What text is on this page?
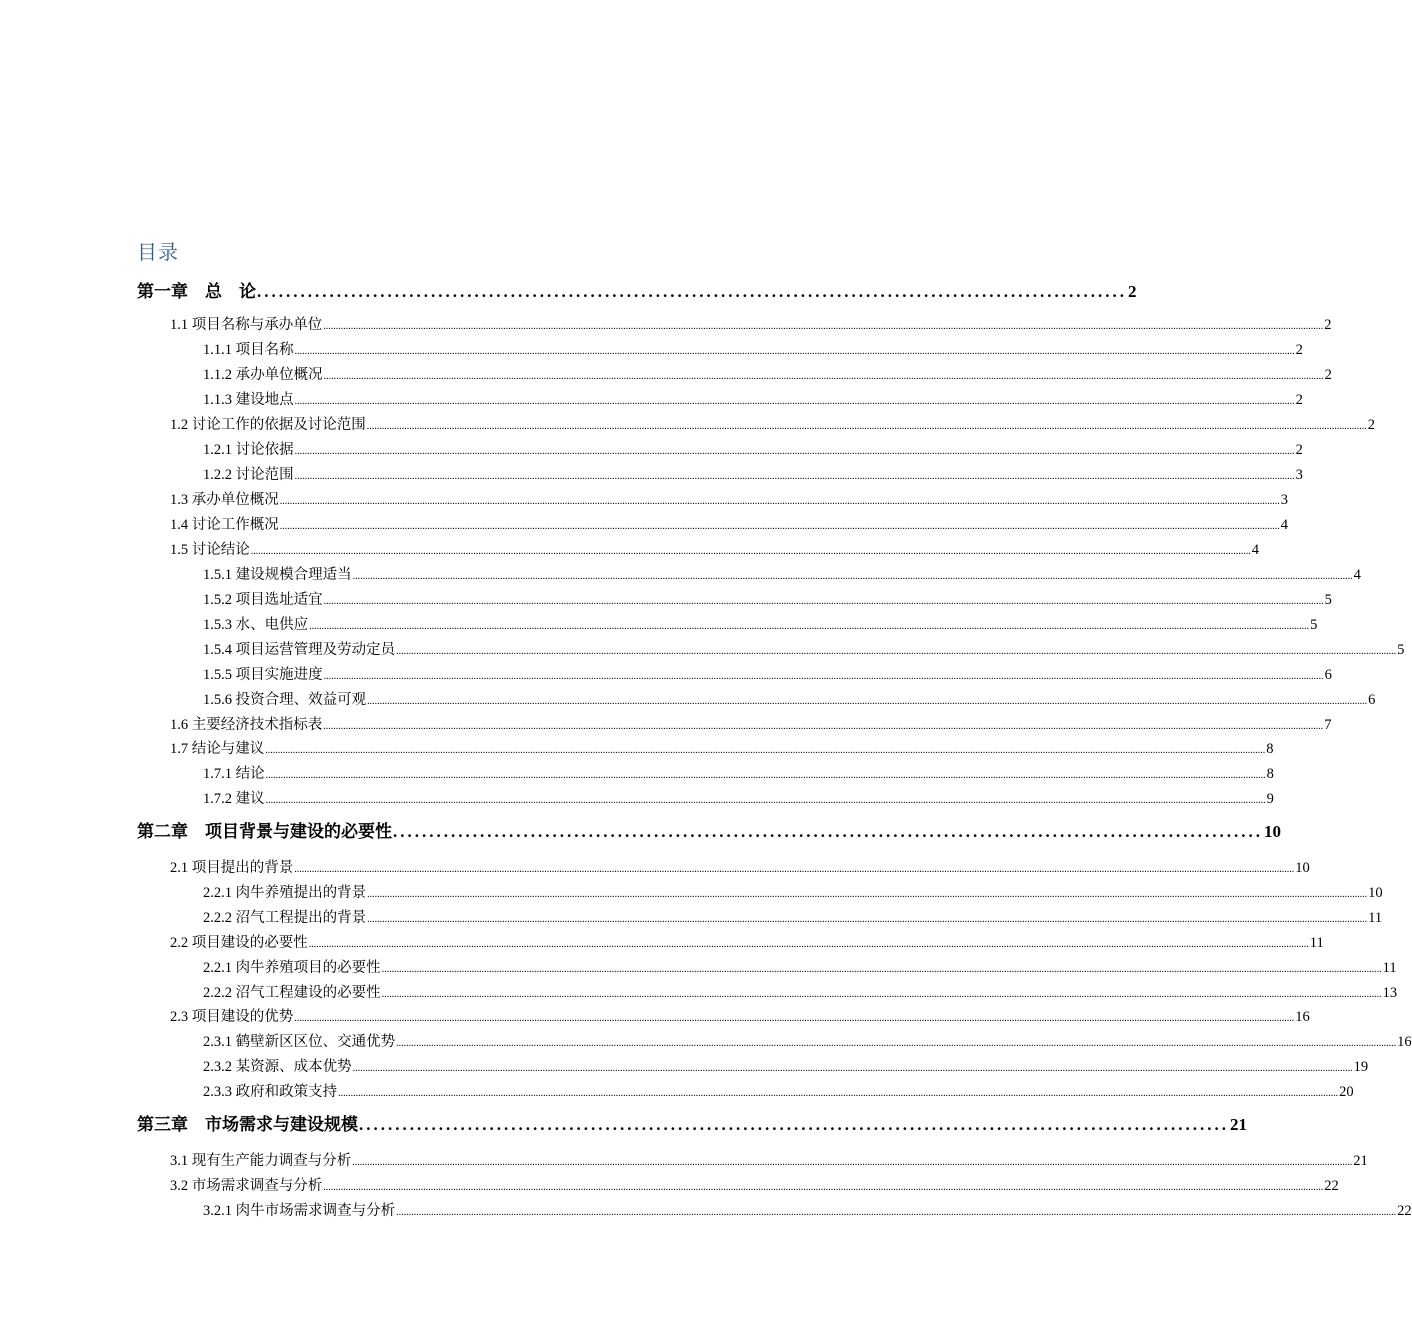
目录
第一章　总　论 ........................................................................................................................ 2
1.1 项目名称与承办单位 ................................................................................................................................................................................................................................................................................................................................................................................................................ 2
1.1.1 项目名称 ................................................................................................................................................................................................................................................................................................................................................................................................................ 2
1.1.2 承办单位概况 ................................................................................................................................................................................................................................................................................................................................................................................................................ 2
1.1.3 建设地点 ................................................................................................................................................................................................................................................................................................................................................................................................................ 2
1.2 讨论工作的依据及讨论范围 ................................................................................................................................................................................................................................................................................................................................................................................................................ 2
1.2.1 讨论依据 ................................................................................................................................................................................................................................................................................................................................................................................................................ 2
1.2.2 讨论范围 ................................................................................................................................................................................................................................................................................................................................................................................................................ 3
1.3 承办单位概况 ................................................................................................................................................................................................................................................................................................................................................................................................................ 3
1.4 讨论工作概况 ................................................................................................................................................................................................................................................................................................................................................................................................................ 4
1.5 讨论结论 ................................................................................................................................................................................................................................................................................................................................................................................................................ 4
1.5.1 建设规模合理适当 ................................................................................................................................................................................................................................................................................................................................................................................................................ 4
1.5.2 项目选址适宜 ................................................................................................................................................................................................................................................................................................................................................................................................................ 5
1.5.3 水、电供应 ................................................................................................................................................................................................................................................................................................................................................................................................................ 5
1.5.4 项目运营管理及劳动定员 ................................................................................................................................................................................................................................................................................................................................................................................................................ 5
1.5.5 项目实施进度 ................................................................................................................................................................................................................................................................................................................................................................................................................ 6
1.5.6 投资合理、效益可观 ................................................................................................................................................................................................................................................................................................................................................................................................................ 6
1.6 主要经济技术指标表 ................................................................................................................................................................................................................................................................................................................................................................................................................ 7
1.7 结论与建议 ................................................................................................................................................................................................................................................................................................................................................................................................................ 8
1.7.1 结论 ................................................................................................................................................................................................................................................................................................................................................................................................................ 8
1.7.2 建议 ................................................................................................................................................................................................................................................................................................................................................................................................................ 9
第二章　项目背景与建设的必要性 ........................................................................................................................ 10
2.1 项目提出的背景 ................................................................................................................................................................................................................................................................................................................................................................................................................ 10
2.2.1 肉牛养殖提出的背景 ................................................................................................................................................................................................................................................................................................................................................................................................................ 10
2.2.2 沼气工程提出的背景 ................................................................................................................................................................................................................................................................................................................................................................................................................ 11
2.2 项目建设的必要性 ................................................................................................................................................................................................................................................................................................................................................................................................................ 11
2.2.1 肉牛养殖项目的必要性 ................................................................................................................................................................................................................................................................................................................................................................................................................ 11
2.2.2 沼气工程建设的必要性 ................................................................................................................................................................................................................................................................................................................................................................................................................ 13
2.3 项目建设的优势 ................................................................................................................................................................................................................................................................................................................................................................................................................ 16
2.3.1 鹤壁新区区位、交通优势 ................................................................................................................................................................................................................................................................................................................................................................................................................ 16
2.3.2 某资源、成本优势 ................................................................................................................................................................................................................................................................................................................................................................................................................ 19
2.3.3 政府和政策支持 ................................................................................................................................................................................................................................................................................................................................................................................................................ 20
第三章　市场需求与建设规模 ........................................................................................................................ 21
3.1 现有生产能力调查与分析 ................................................................................................................................................................................................................................................................................................................................................................................................................ 21
3.2 市场需求调查与分析 ................................................................................................................................................................................................................................................................................................................................................................................................................ 22
3.2.1 肉牛市场需求调查与分析 ................................................................................................................................................................................................................................................................................................................................................................................................................ 22
